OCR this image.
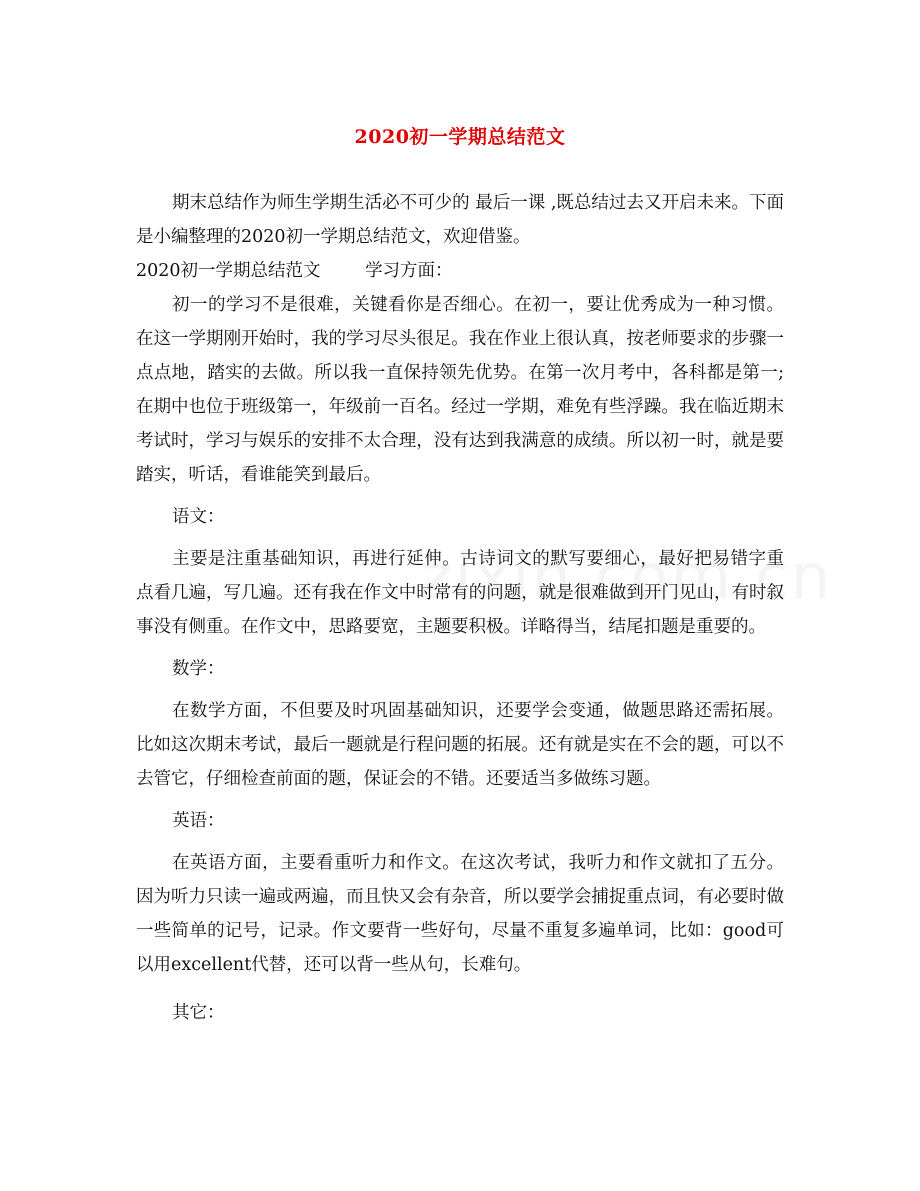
2020初一学期总结范文

期末总结作为师生学期生活必不可少的 最后一课 ,既总结过去又开启未来。下面是小编整理的2020初一学期总结范文，欢迎借鉴。

2020初一学期总结范文	学习方面：

初一的学习不是很难，关键看你是否细心。在初一，要让优秀成为一种习惯。在这一学期刚开始时，我的学习尽头很足。我在作业上很认真，按老师要求的步骤一点点地，踏实的去做。所以我一直保持领先优势。在第一次月考中，各科都是第一;在期中也位于班级第一，年级前一百名。经过一学期，难免有些浮躁。我在临近期末考试时，学习与娱乐的安排不太合理，没有达到我满意的成绩。所以初一时，就是要踏实，听话，看谁能笑到最后。

语文：

主要是注重基础知识，再进行延伸。古诗词文的默写要细心，最好把易错字重点看几遍，写几遍。还有我在作文中时常有的问题，就是很难做到开门见山，有时叙事没有侧重。在作文中，思路要宽，主题要积极。详略得当，结尾扣题是重要的。

数学：

在数学方面，不但要及时巩固基础知识，还要学会变通，做题思路还需拓展。比如这次期末考试，最后一题就是行程问题的拓展。还有就是实在不会的题，可以不去管它，仔细检查前面的题，保证会的不错。还要适当多做练习题。

英语：

在英语方面，主要看重听力和作文。在这次考试，我听力和作文就扣了五分。因为听力只读一遍或两遍，而且快又会有杂音，所以要学会捕捉重点词，有必要时做一些简单的记号，记录。作文要背一些好句，尽量不重复多遍单词，比如：good可以用excellent代替，还可以背一些从句，长难句。

其它：
